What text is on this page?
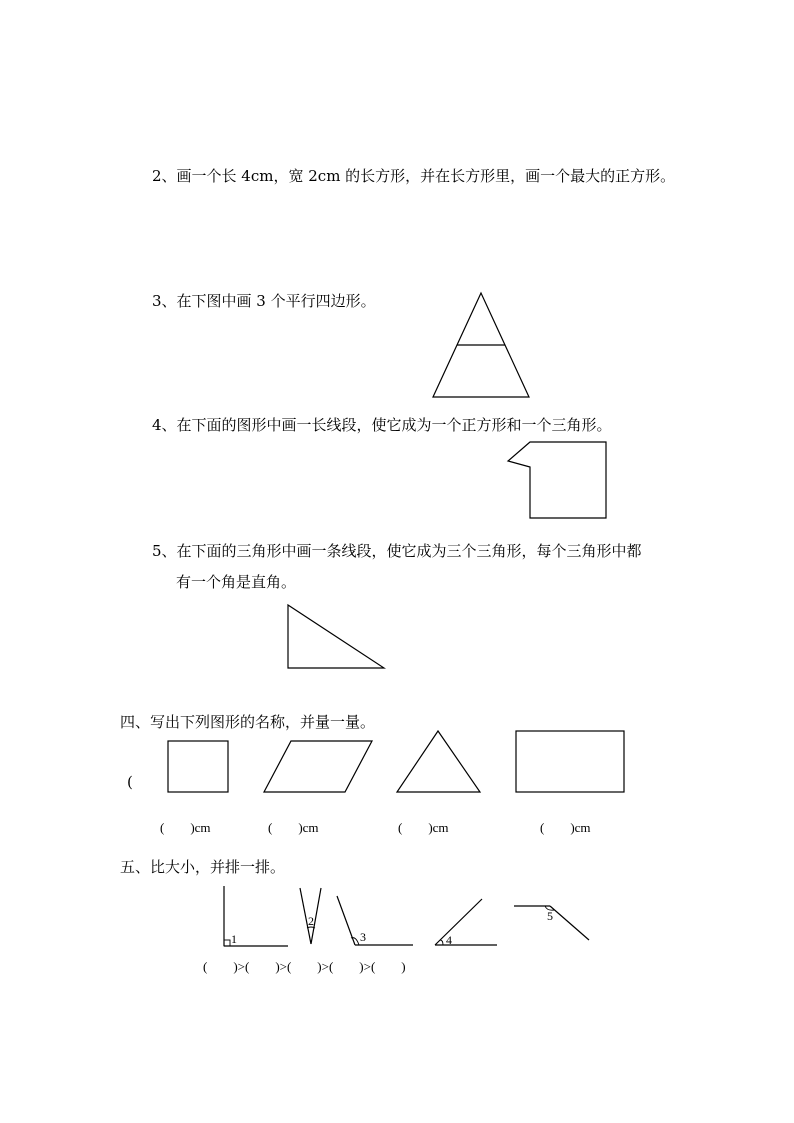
2、画一个长 4cm，宽 2cm 的长方形，并在长方形里，画一个最大的正方形。
3、在下图中画 3 个平行四边形。
4、在下面的图形中画一长线段，使它成为一个正方形和一个三角形。
5、在下面的三角形中画一条线段，使它成为三个三角形，每个三角形中都
有一个角是直角。
四、写出下列图形的名称，并量一量。
(
(　　)cm	(　　)cm	(　　)cm	(　　)cm
五、比大小，并排一排。
(　　)>(　　)>(　　)>(　　)>(　　)
1
2
3	4
5
